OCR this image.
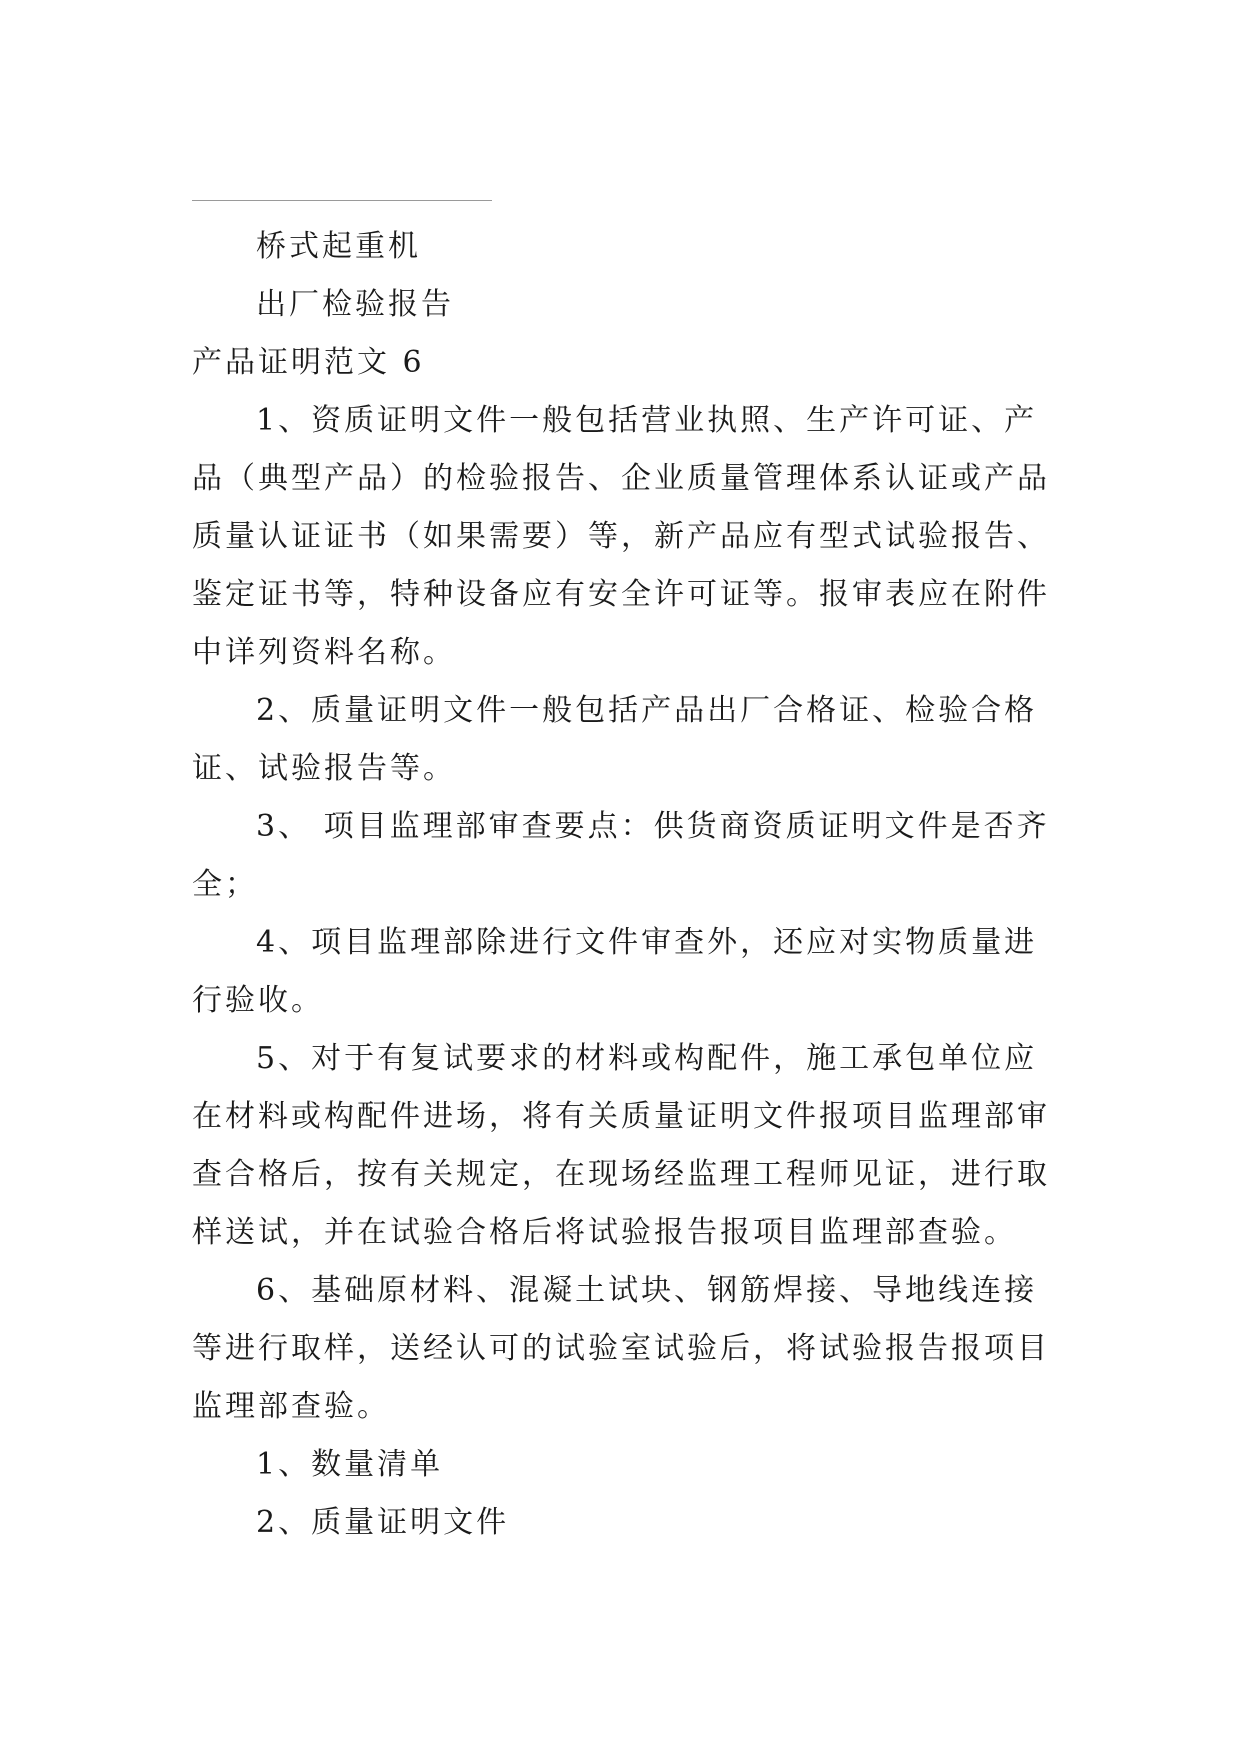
桥式起重机
出厂检验报告
产品证明范文 6
1、资质证明文件一般包括营业执照、生产许可证、产
品（典型产品）的检验报告、企业质量管理体系认证或产品
质量认证证书（如果需要）等，新产品应有型式试验报告、
鉴定证书等，特种设备应有安全许可证等。报审表应在附件
中详列资料名称。
2、质量证明文件一般包括产品出厂合格证、检验合格
证、试验报告等。
3、 项目监理部审查要点：供货商资质证明文件是否齐
全；
4、项目监理部除进行文件审查外，还应对实物质量进
行验收。
5、对于有复试要求的材料或构配件，施工承包单位应
在材料或构配件进场，将有关质量证明文件报项目监理部审
查合格后，按有关规定，在现场经监理工程师见证，进行取
样送试，并在试验合格后将试验报告报项目监理部查验。
6、基础原材料、混凝土试块、钢筋焊接、导地线连接
等进行取样，送经认可的试验室试验后，将试验报告报项目
监理部查验。
1、数量清单
2、质量证明文件
